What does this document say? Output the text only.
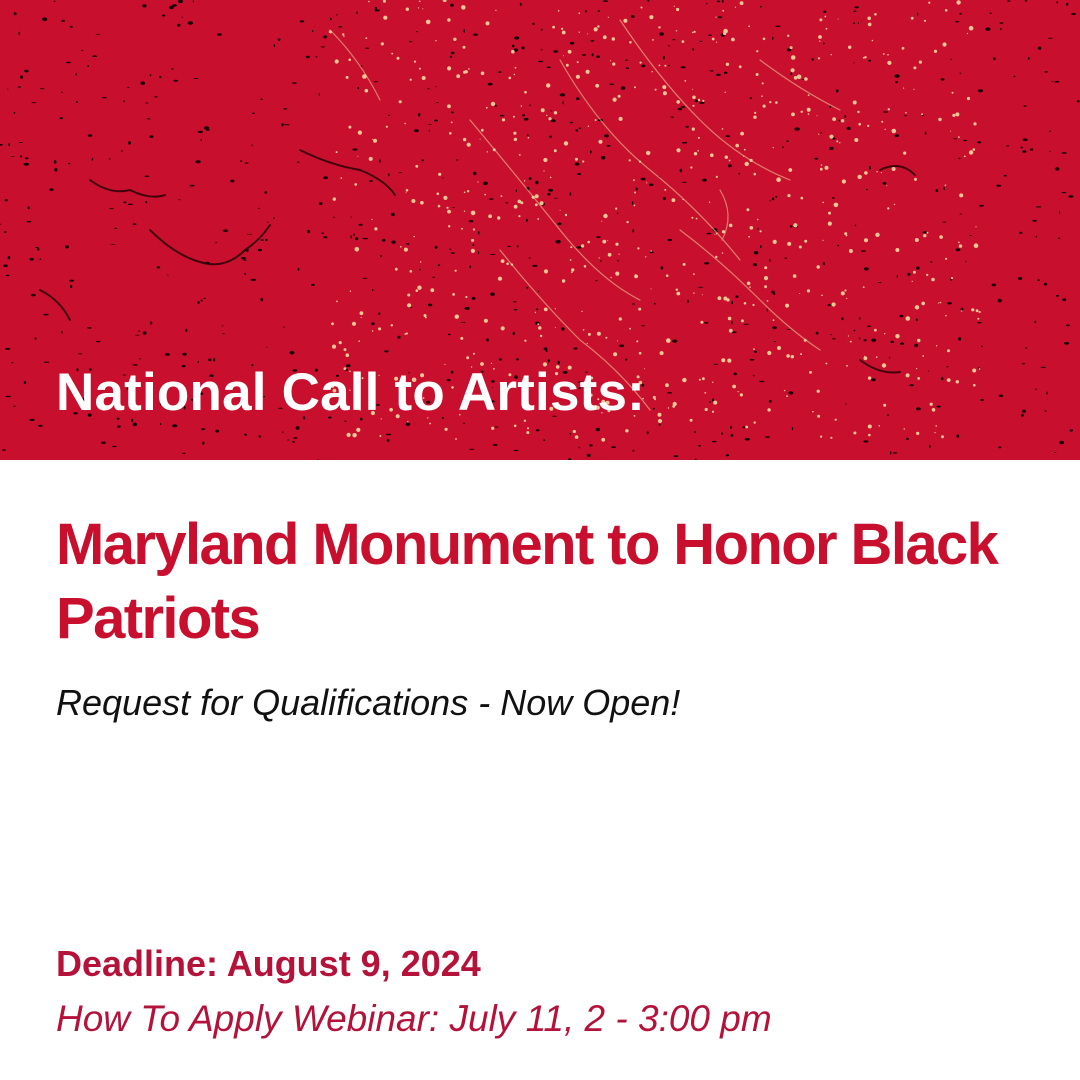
National Call to Artists:
Maryland Monument to Honor Black Patriots
Request for Qualifications - Now Open!
Deadline: August 9, 2024
How To Apply Webinar: July 11, 2 - 3:00 pm
